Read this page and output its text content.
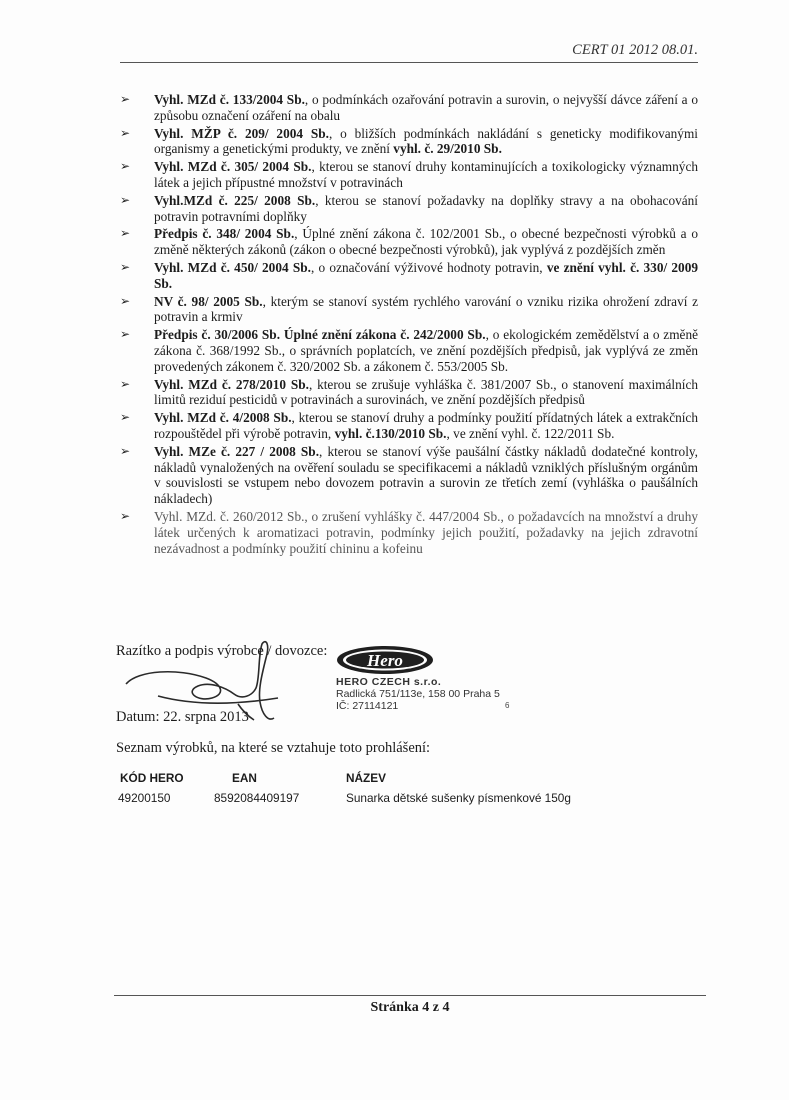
CERT 01 2012 08.01.
➢ Vyhl. MZd č. 133/2004 Sb., o podmínkách ozařování potravin a surovin, o nejvyšší dávce záření a o způsobu označení ozáření na obalu
➢ Vyhl. MŽP č. 209/ 2004 Sb., o bližších podmínkách nakládání s geneticky modifikovanými organismy a genetickými produkty, ve znění vyhl. č. 29/2010 Sb.
➢ Vyhl. MZd č. 305/ 2004 Sb., kterou se stanoví druhy kontaminujících a toxikologicky významných látek a jejich přípustné množství v potravinách
➢ Vyhl.MZd č. 225/ 2008 Sb., kterou se stanoví požadavky na doplňky stravy a na obohacování potravin potravními doplňky
➢ Předpis č. 348/ 2004 Sb., Úplné znění zákona č. 102/2001 Sb., o obecné bezpečnosti výrobků a o změně některých zákonů (zákon o obecné bezpečnosti výrobků), jak vyplývá z pozdějších změn
➢ Vyhl. MZd č. 450/ 2004 Sb., o označování výživové hodnoty potravin, ve znění vyhl. č. 330/ 2009 Sb.
➢ NV č. 98/ 2005 Sb., kterým se stanoví systém rychlého varování o vzniku rizika ohrožení zdraví z potravin a krmiv
➢ Předpis č. 30/2006 Sb. Úplné znění zákona č. 242/2000 Sb., o ekologickém zemědělství a o změně zákona č. 368/1992 Sb., o správních poplatcích, ve znění pozdějších předpisů, jak vyplývá ze změn provedených zákonem č. 320/2002 Sb. a zákonem č. 553/2005 Sb.
➢ Vyhl. MZd č. 278/2010 Sb., kterou se zrušuje vyhláška č. 381/2007 Sb., o stanovení maximálních limitů reziduí pesticidů v potravinách a surovinách, ve znění pozdějších předpisů
➢ Vyhl. MZd č. 4/2008 Sb., kterou se stanoví druhy a podmínky použití přídatných látek a extrakčních rozpouštědel při výrobě potravin, vyhl. č.130/2010 Sb., ve znění vyhl. č. 122/2011 Sb.
➢ Vyhl. MZe č. 227 / 2008 Sb., kterou se stanoví výše paušální částky nákladů dodatečné kontroly, nákladů vynaložených na ověření souladu se specifikacemi a nákladů vzniklých příslušným orgánům v souvislosti se vstupem nebo dovozem potravin a surovin ze třetích zemí (vyhláška o paušálních nákladech)
➢ Vyhl. MZd. č. 260/2012 Sb., o zrušení vyhlášky č. 447/2004 Sb., o požadavcích na množství a druhy látek určených k aromatizaci potravin, podmínky jejich použití, požadavky na jejich zdravotní nezávadnost a podmínky použití chininu a kofeinu
Razítko a podpis výrobce / dovozce: Hero
HERO CZECH s.r.o.
Radlická 751/113e, 158 00 Praha 5
IČ: 27114121	6
Datum: 22. srpna 2013
Seznam výrobků, na které se vztahuje toto prohlášení:
KÓD HERO	EAN	NÁZEV
49200150	8592084409197	Sunarka dětské sušenky písmenkové 150g
Stránka 4 z 4
